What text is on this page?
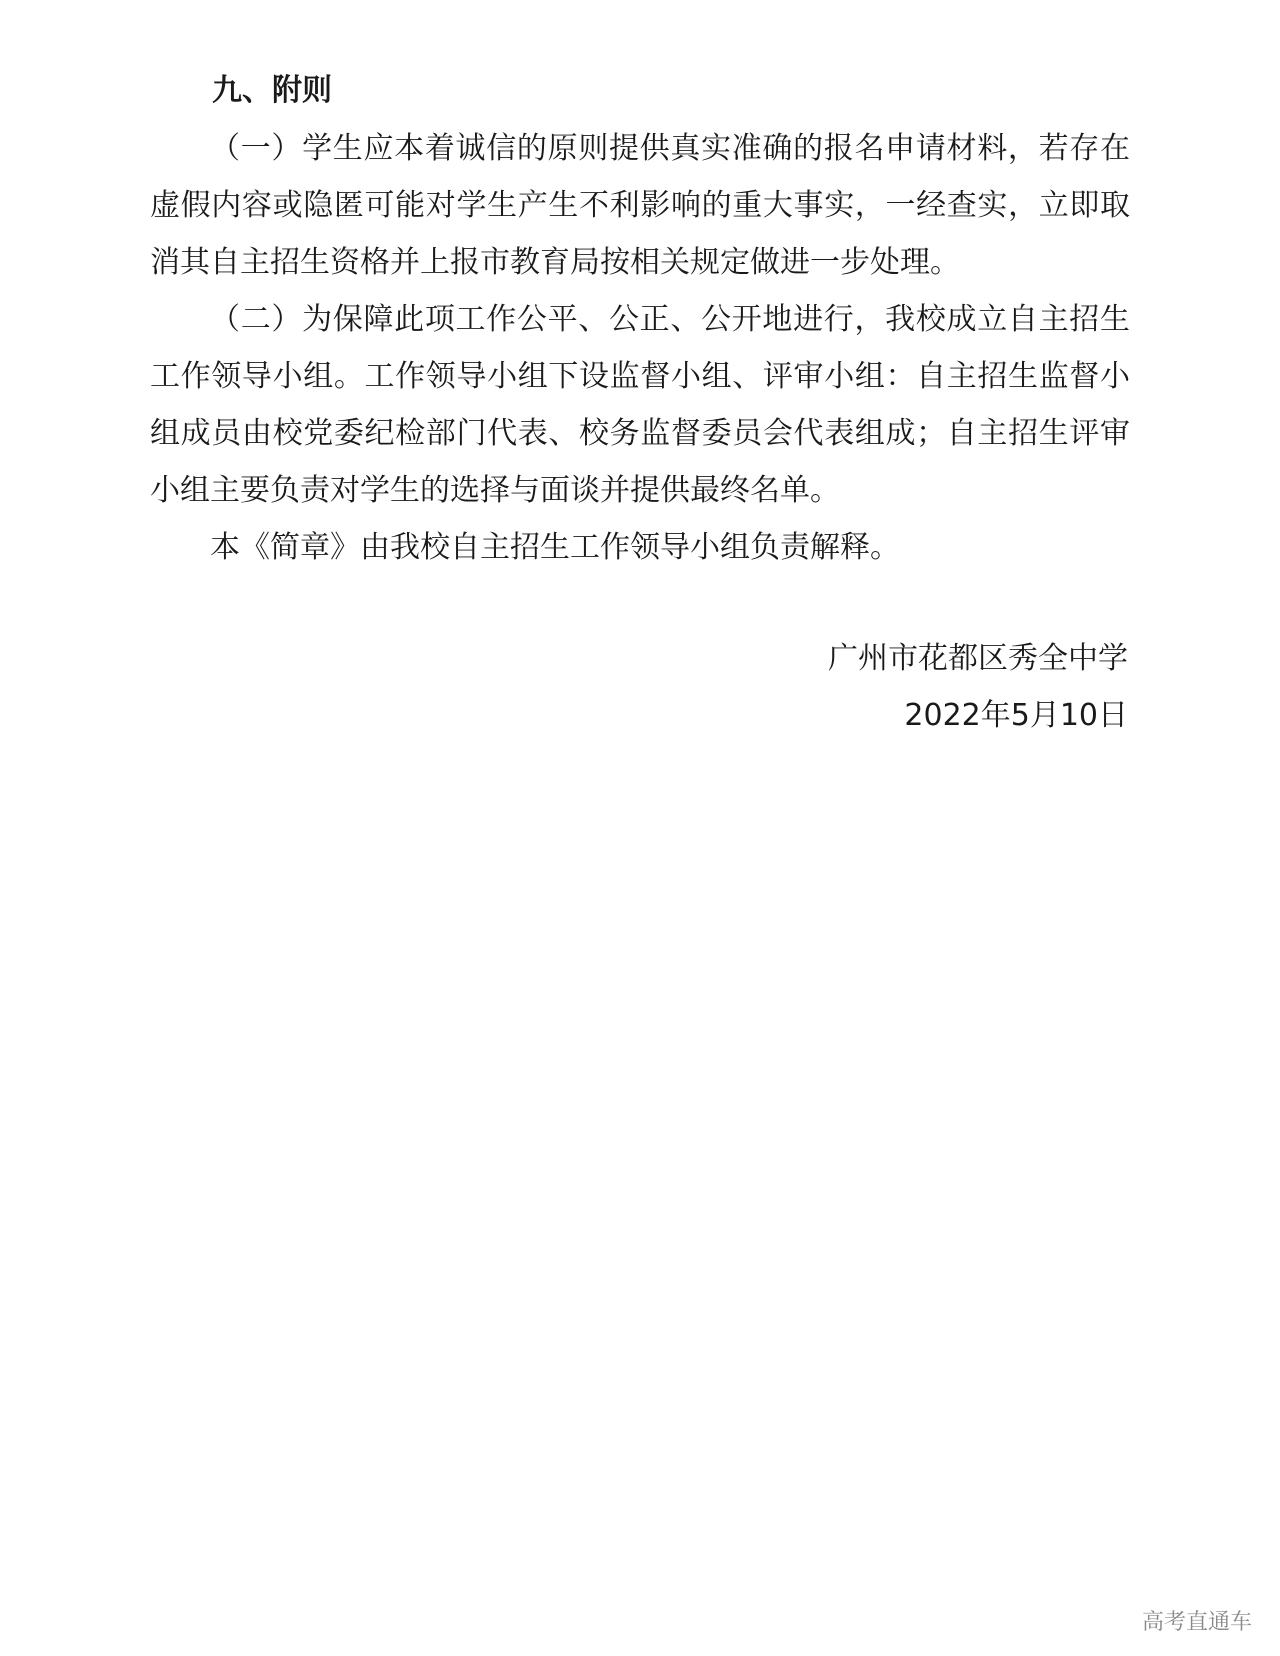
九、附则

（一）学生应本着诚信的原则提供真实准确的报名申请材料，若存在虚假内容或隐匿可能对学生产生不利影响的重大事实，一经查实，立即取消其自主招生资格并上报市教育局按相关规定做进一步处理。

（二）为保障此项工作公平、公正、公开地进行，我校成立自主招生工作领导小组。工作领导小组下设监督小组、评审小组：自主招生监督小组成员由校党委纪检部门代表、校务监督委员会代表组成；自主招生评审小组主要负责对学生的选择与面谈并提供最终名单。

本《简章》由我校自主招生工作领导小组负责解释。

广州市花都区秀全中学
2022年5月10日
高考直通车
